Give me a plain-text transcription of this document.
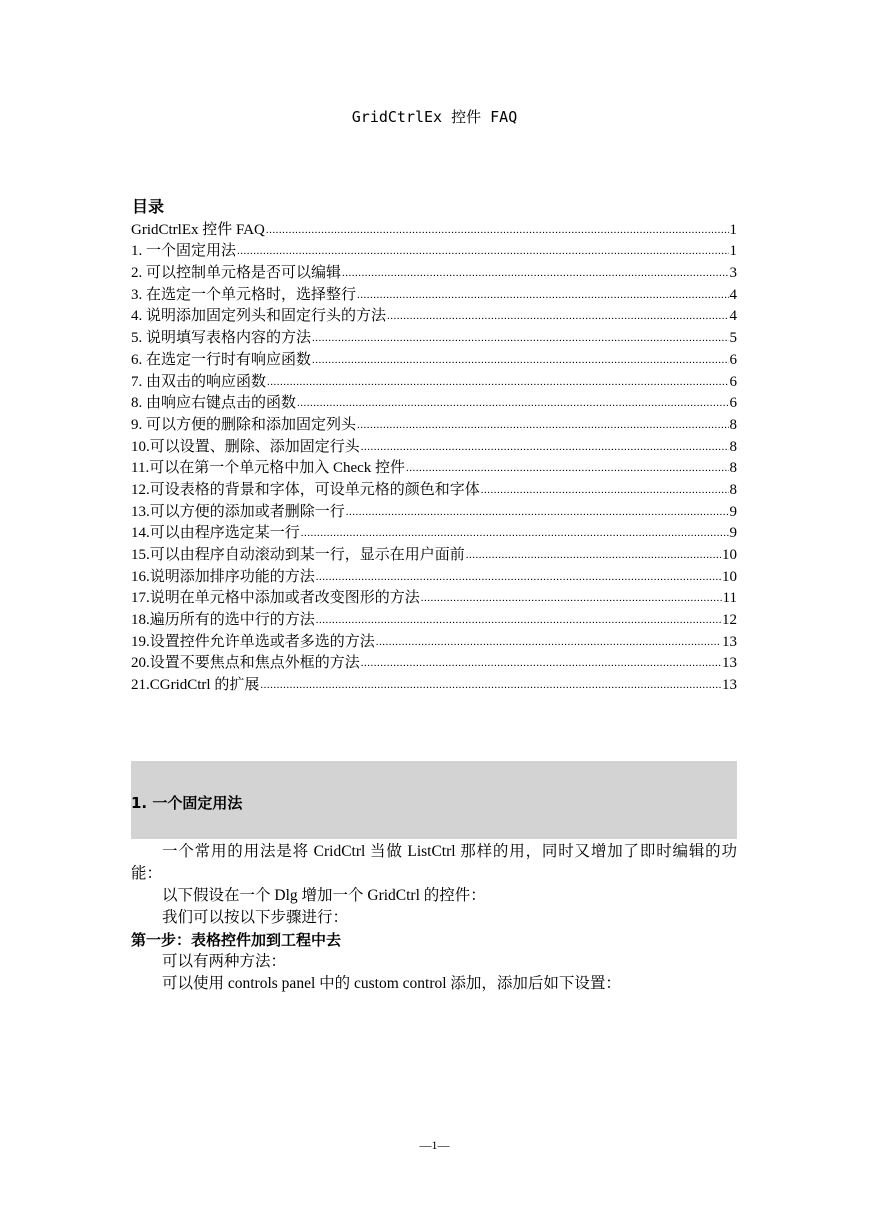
GridCtrlEx 控件 FAQ
目录
GridCtrlEx 控件 FAQ .....	1
1. 一个固定用法 .....	1
2. 可以控制单元格是否可以编辑 .....	3
3. 在选定一个单元格时，选择整行 .....	4
4. 说明添加固定列头和固定行头的方法 .....	4
5. 说明填写表格内容的方法 .....	5
6. 在选定一行时有响应函数 .....	6
7. 由双击的响应函数 .....	6
8. 由响应右键点击的函数 .....	6
9. 可以方便的删除和添加固定列头 .....	8
10.可以设置、删除、添加固定行头 .....	8
11.可以在第一个单元格中加入 Check 控件 .....	8
12.可设表格的背景和字体，可设单元格的颜色和字体 .....	8
13.可以方便的添加或者删除一行 .....	9
14.可以由程序选定某一行 .....	9
15.可以由程序自动滚动到某一行，显示在用户面前 .....	10
16.说明添加排序功能的方法 .....	10
17.说明在单元格中添加或者改变图形的方法 .....	11
18.遍历所有的选中行的方法 .....	12
19.设置控件允许单选或者多选的方法 .....	13
20.设置不要焦点和焦点外框的方法 .....	13
21.CGridCtrl 的扩展 .....	13
1. 一个固定用法

一个常用的用法是将 CridCtrl 当做 ListCtrl 那样的用，同时又增加了即时编辑的功能：

以下假设在一个 Dlg 增加一个 GridCtrl 的控件：

我们可以按以下步骤进行：

第一步：表格控件加到工程中去

可以有两种方法：

可以使用 controls panel 中的 custom control 添加，添加后如下设置：

—1—
